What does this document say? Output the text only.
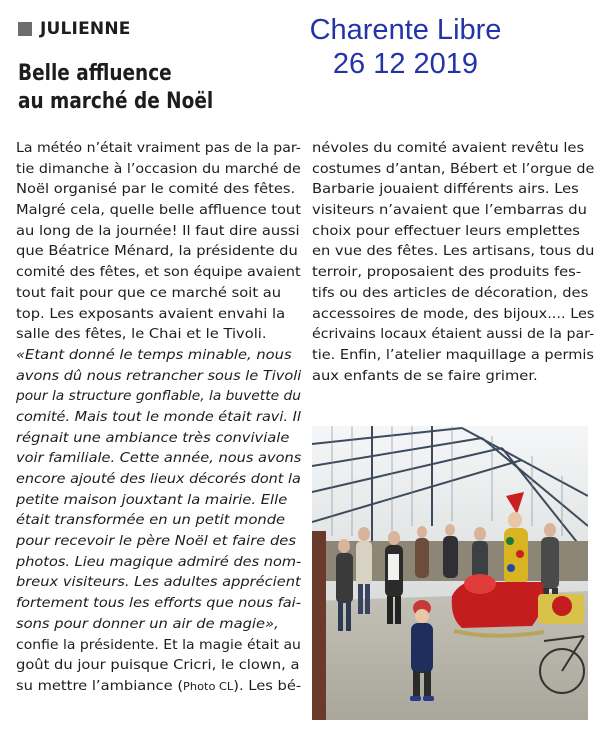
JULIENNE	Charente Libre
26 12 2019
Belle affluence
au marché de Noël
La météo n’était vraiment pas de la par-
tie dimanche à l’occasion du marché de
Noël organisé par le comité des fêtes.
Malgré cela, quelle belle affluence tout
au long de la journée! Il faut dire aussi
que Béatrice Ménard, la présidente du
comité des fêtes, et son équipe avaient
tout fait pour que ce marché soit au
top. Les exposants avaient envahi la
salle des fêtes, le Chai et le Tivoli.
«Etant donné le temps minable, nous
avons dû nous retrancher sous le Tivoli
pour la structure gonflable, la buvette du
comité. Mais tout le monde était ravi. Il
régnait une ambiance très conviviale
voir familiale. Cette année, nous avons
encore ajouté des lieux décorés dont la
petite maison jouxtant la mairie. Elle
était transformée en un petit monde
pour recevoir le père Noël et faire des
photos. Lieu magique admiré des nom-
breux visiteurs. Les adultes apprécient
fortement tous les efforts que nous fai-
sons pour donner un air de magie»,
confie la présidente. Et la magie était au
goût du jour puisque Cricri, le clown, a
su mettre l’ambiance (Photo CL). Les bé-
névoles du comité avaient revêtu les
costumes d’antan, Bébert et l’orgue de
Barbarie jouaient différents airs. Les
visiteurs n’avaient que l’embarras du
choix pour effectuer leurs emplettes
en vue des fêtes. Les artisans, tous du
terroir, proposaient des produits fes-
tifs ou des articles de décoration, des
accessoires de mode, des bijoux.... Les
écrivains locaux étaient aussi de la par-
tie. Enfin, l’atelier maquillage a permis
aux enfants de se faire grimer.
